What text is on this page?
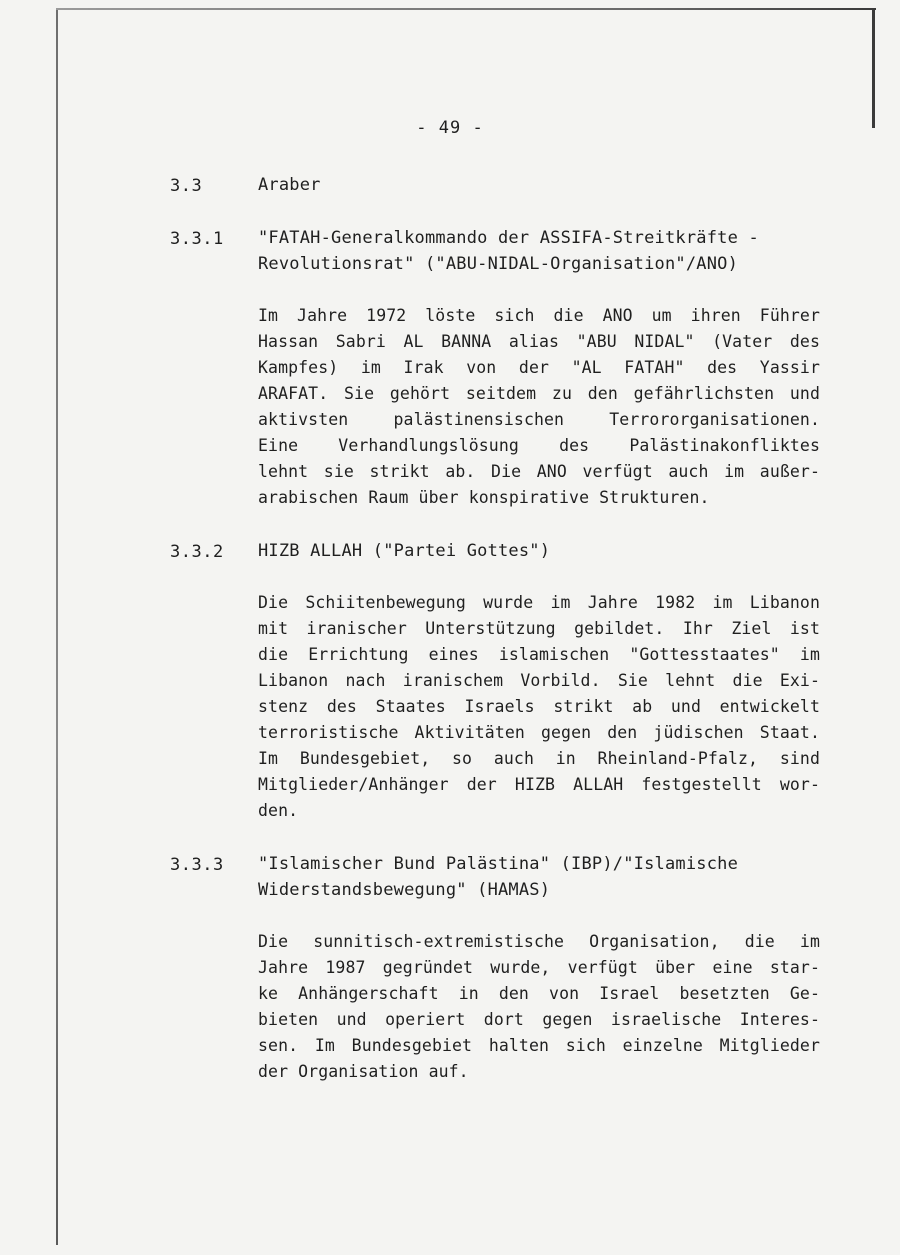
- 49 -
3.3	Araber
3.3.1 "FATAH-Generalkommando der ASSIFA-Streitkräfte -
Revolutionsrat" ("ABU-NIDAL-Organisation"/ANO)
Im Jahre 1972 löste sich die ANO um ihren Führer
Hassan Sabri AL BANNA alias "ABU NIDAL" (Vater des
Kampfes) im Irak von der "AL FATAH" des Yassir
ARAFAT. Sie gehört seitdem zu den gefährlichsten und
aktivsten palästinensischen Terrororganisationen.
Eine Verhandlungslösung des Palästinakonfliktes
lehnt sie strikt ab. Die ANO verfügt auch im außer-
arabischen Raum über konspirative Strukturen.
3.3.2 HIZB ALLAH ("Partei Gottes")
Die Schiitenbewegung wurde im Jahre 1982 im Libanon
mit iranischer Unterstützung gebildet. Ihr Ziel ist
die Errichtung eines islamischen "Gottesstaates" im
Libanon nach iranischem Vorbild. Sie lehnt die Exi-
stenz des Staates Israels strikt ab und entwickelt
terroristische Aktivitäten gegen den jüdischen Staat.
Im Bundesgebiet, so auch in Rheinland-Pfalz, sind
Mitglieder/Anhänger der HIZB ALLAH festgestellt wor-
den.
3.3.3 "Islamischer Bund Palästina" (IBP)/"Islamische
Widerstandsbewegung" (HAMAS)
Die sunnitisch-extremistische Organisation, die im
Jahre 1987 gegründet wurde, verfügt über eine star-
ke Anhängerschaft in den von Israel besetzten Ge-
bieten und operiert dort gegen israelische Interes-
sen. Im Bundesgebiet halten sich einzelne Mitglieder
der Organisation auf.
